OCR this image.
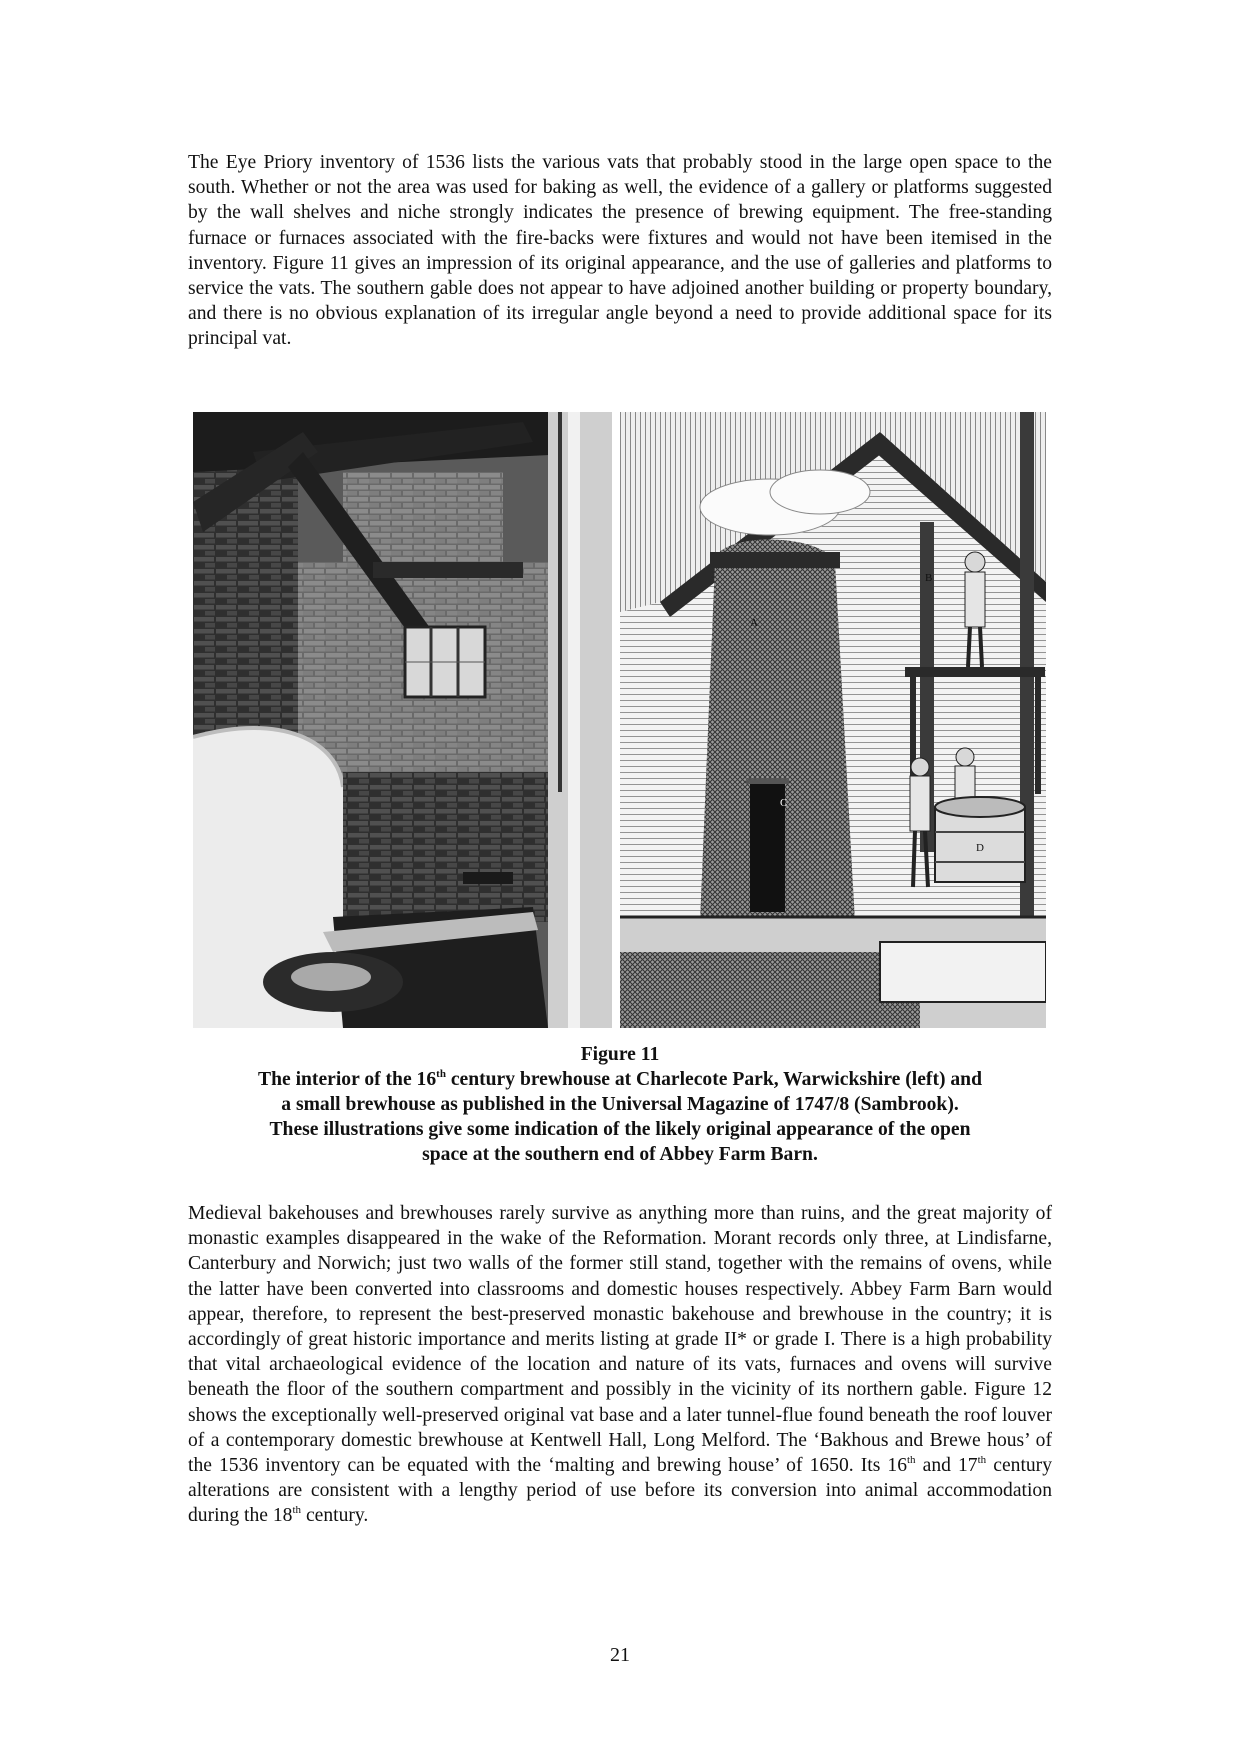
The Eye Priory inventory of 1536 lists the various vats that probably stood in the large open space to the south. Whether or not the area was used for baking as well, the evidence of a gallery or platforms suggested by the wall shelves and niche strongly indicates the presence of brewing equipment. The free-standing furnace or furnaces associated with the fire-backs were fixtures and would not have been itemised in the inventory. Figure 11 gives an impression of its original appearance, and the use of galleries and platforms to service the vats. The southern gable does not appear to have adjoined another building or property boundary, and there is no obvious explanation of its irregular angle beyond a need to provide additional space for its principal vat.
A
B
C
D
Figure 11
The interior of the 16th century brewhouse at Charlecote Park, Warwickshire (left) and
a small brewhouse as published in the Universal Magazine of 1747/8 (Sambrook).
These illustrations give some indication of the likely original appearance of the open
space at the southern end of Abbey Farm Barn.
Medieval bakehouses and brewhouses rarely survive as anything more than ruins, and the great majority of monastic examples disappeared in the wake of the Reformation. Morant records only three, at Lindisfarne, Canterbury and Norwich; just two walls of the former still stand, together with the remains of ovens, while the latter have been converted into classrooms and domestic houses respectively. Abbey Farm Barn would appear, therefore, to represent the best-preserved monastic bakehouse and brewhouse in the country; it is accordingly of great historic importance and merits listing at grade II* or grade I. There is a high probability that vital archaeological evidence of the location and nature of its vats, furnaces and ovens will survive beneath the floor of the southern compartment and possibly in the vicinity of its northern gable. Figure 12 shows the exceptionally well-preserved original vat base and a later tunnel-flue found beneath the roof louver of a contemporary domestic brewhouse at Kentwell Hall, Long Melford. The ‘Bakhous and Brewe hous’ of the 1536 inventory can be equated with the ‘malting and brewing house’ of 1650. Its 16th and 17th century alterations are consistent with a lengthy period of use before its conversion into animal accommodation during the 18th century.
21
